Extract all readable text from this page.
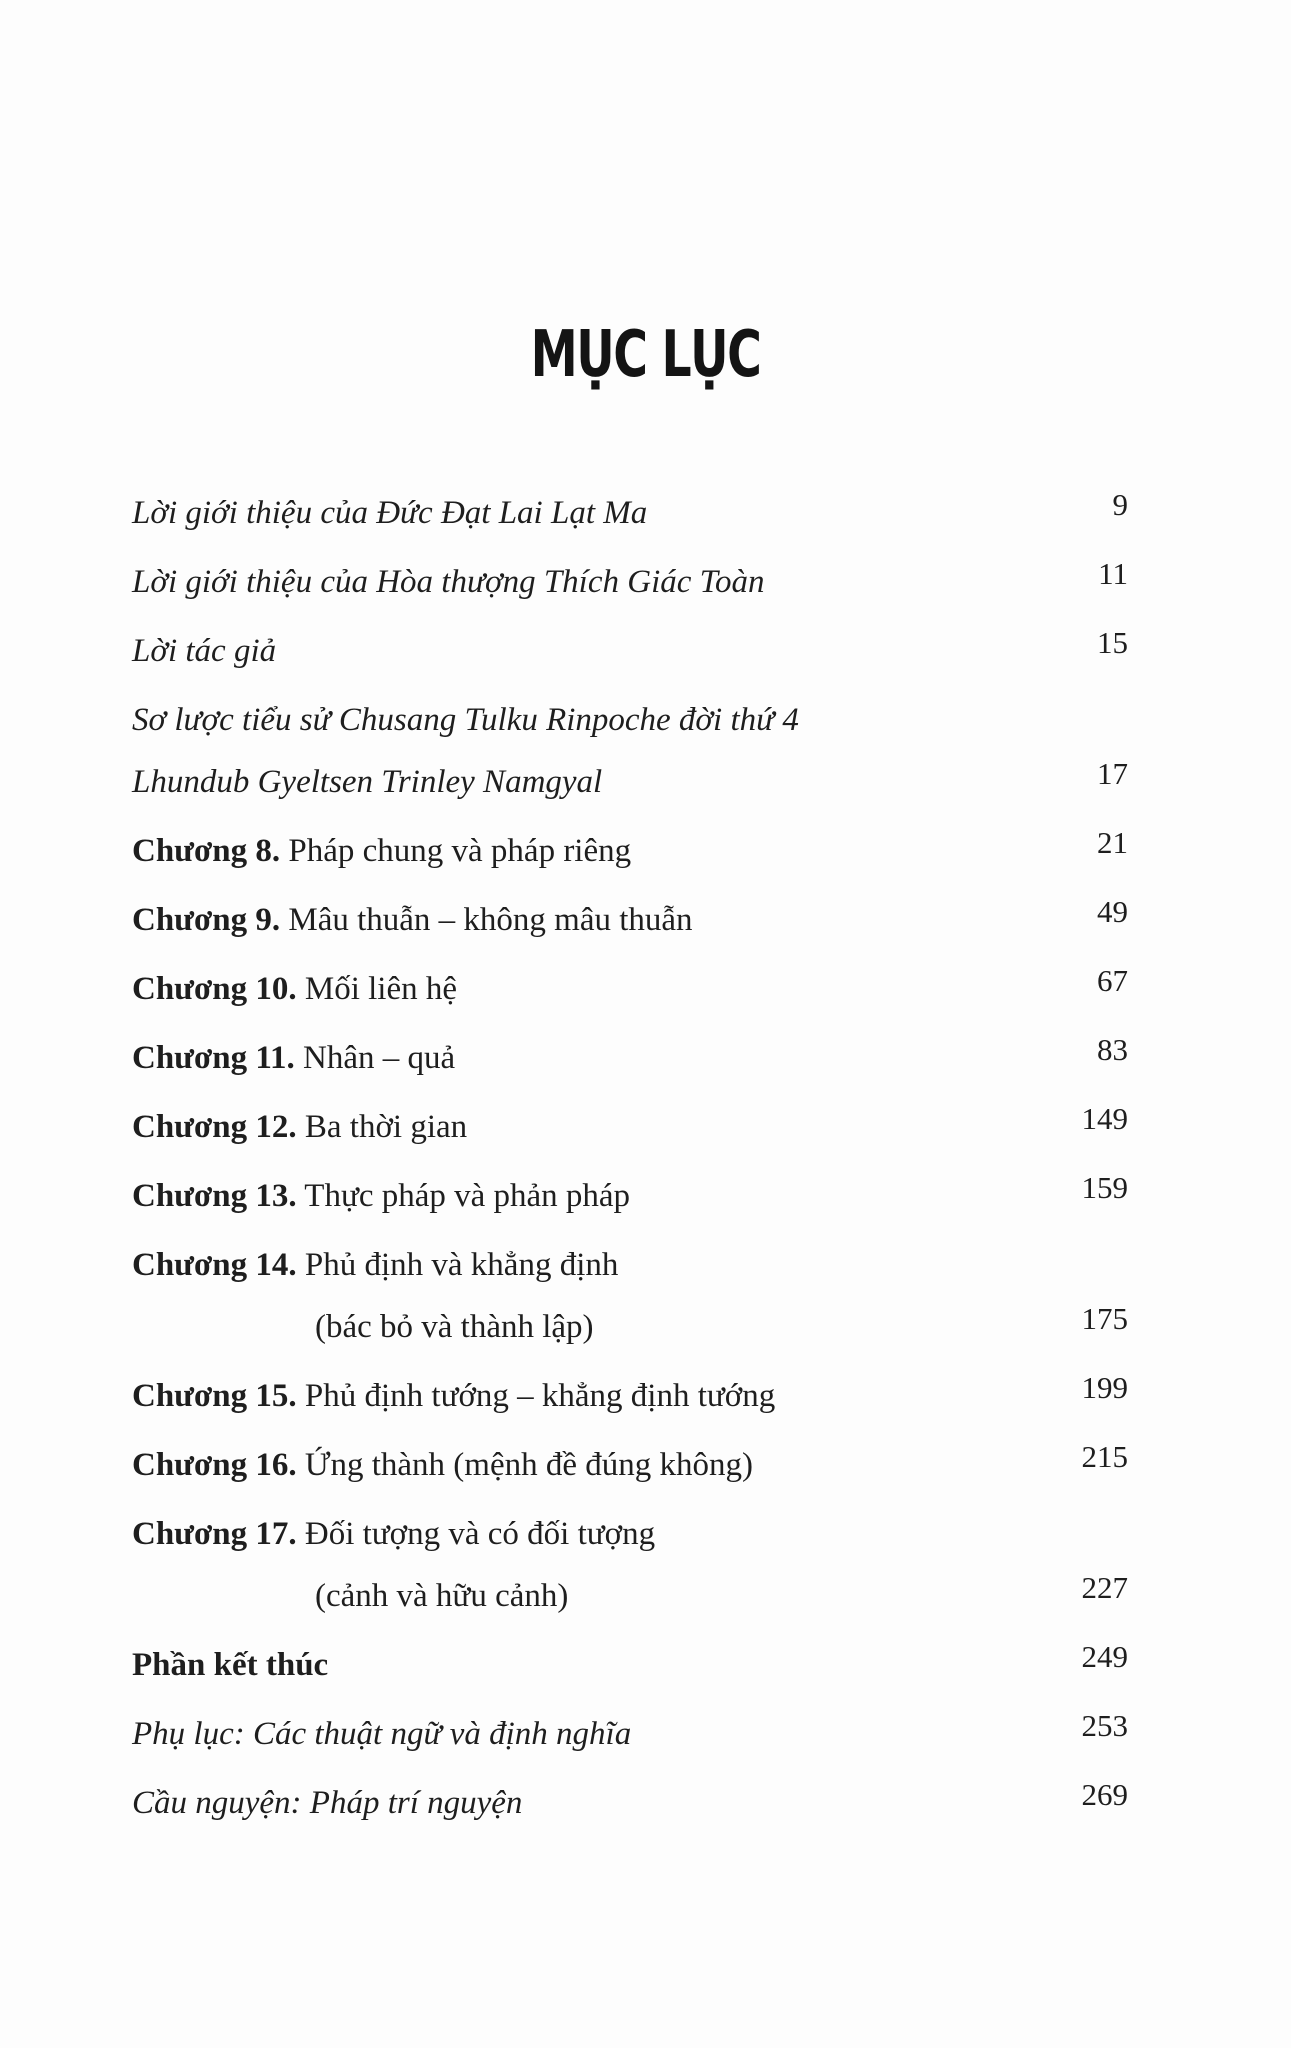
MỤC LỤC
Lời giới thiệu của Đức Đạt Lai Lạt Ma	9
Lời giới thiệu của Hòa thượng Thích Giác Toàn	11
Lời tác giả	15
Sơ lược tiểu sử Chusang Tulku Rinpoche đời thứ 4
Lhundub Gyeltsen Trinley Namgyal	17
Chương 8. Pháp chung và pháp riêng	21
Chương 9. Mâu thuẫn – không mâu thuẫn	49
Chương 10. Mối liên hệ	67
Chương 11. Nhân – quả	83
Chương 12. Ba thời gian	149
Chương 13. Thực pháp và phản pháp	159
Chương 14. Phủ định và khẳng định
(bác bỏ và thành lập)	175
Chương 15. Phủ định tướng – khẳng định tướng	199
Chương 16. Ứng thành (mệnh đề đúng không)	215
Chương 17. Đối tượng và có đối tượng
(cảnh và hữu cảnh)	227
Phần kết thúc	249
Phụ lục: Các thuật ngữ và định nghĩa	253
Cầu nguyện: Pháp trí nguyện	269
